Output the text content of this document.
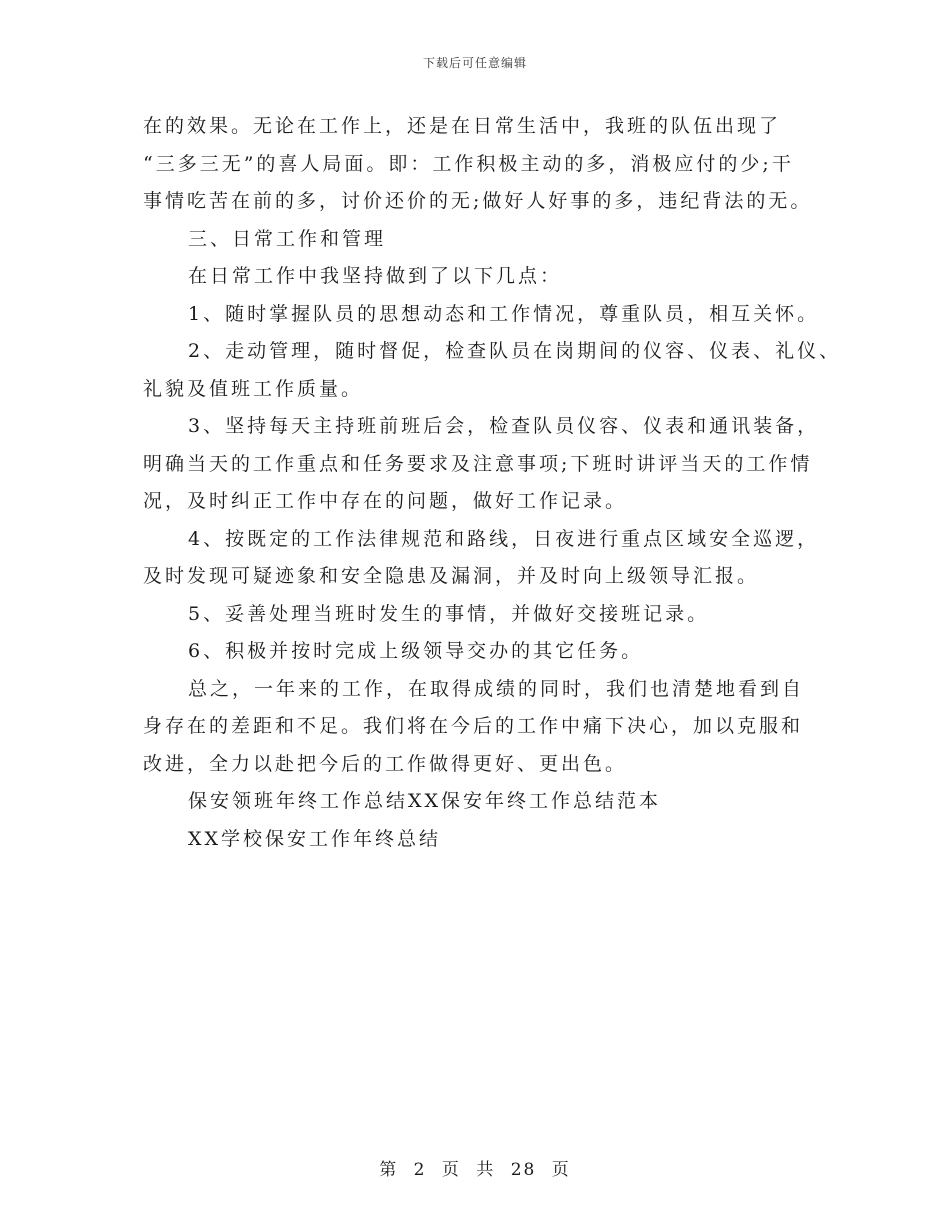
下载后可任意编辑
在的效果。无论在工作上，还是在日常生活中，我班的队伍出现了
“三多三无”的喜人局面。即：工作积极主动的多，消极应付的少;干
事情吃苦在前的多，讨价还价的无;做好人好事的多，违纪背法的无。
三、日常工作和管理
在日常工作中我坚持做到了以下几点：
1、随时掌握队员的思想动态和工作情况，尊重队员，相互关怀。
2、走动管理，随时督促，检查队员在岗期间的仪容、仪表、礼仪、
礼貌及值班工作质量。
3、坚持每天主持班前班后会，检查队员仪容、仪表和通讯装备，
明确当天的工作重点和任务要求及注意事项;下班时讲评当天的工作情
况，及时纠正工作中存在的问题，做好工作记录。
4、按既定的工作法律规范和路线，日夜进行重点区域安全巡逻，
及时发现可疑迹象和安全隐患及漏洞，并及时向上级领导汇报。
5、妥善处理当班时发生的事情，并做好交接班记录。
6、积极并按时完成上级领导交办的其它任务。
总之，一年来的工作，在取得成绩的同时，我们也清楚地看到自
身存在的差距和不足。我们将在今后的工作中痛下决心，加以克服和
改进，全力以赴把今后的工作做得更好、更出色。
保安领班年终工作总结XX保安年终工作总结范本
XX学校保安工作年终总结
第 2 页 共 28 页
